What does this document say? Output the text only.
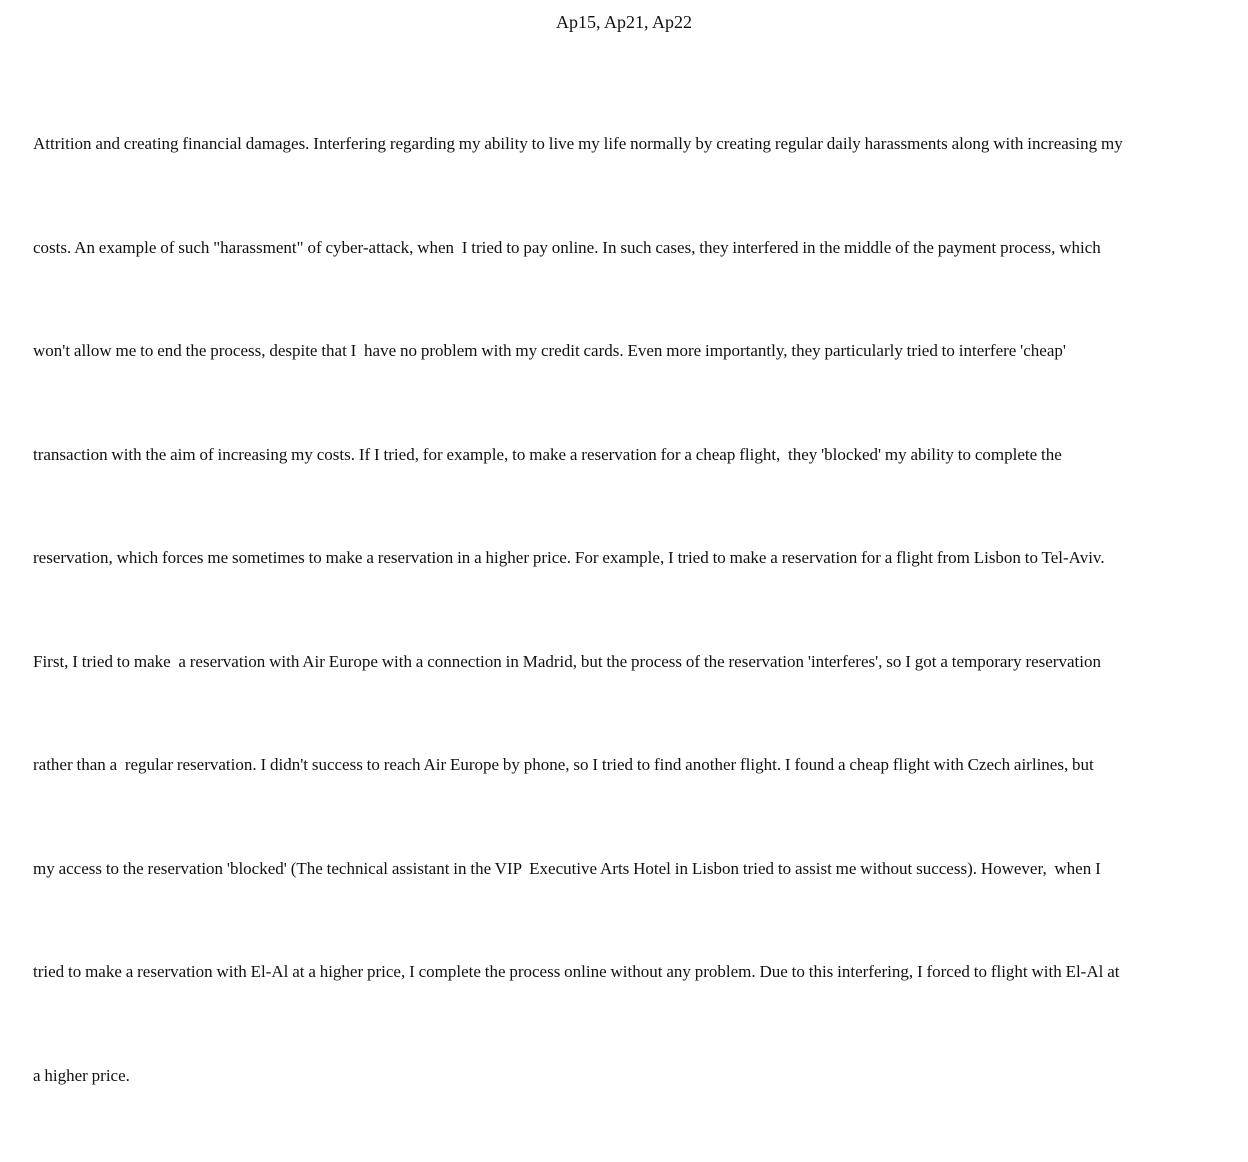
Ap15, Ap21, Ap22

Attrition and creating financial damages. Interfering regarding my ability to live my life normally by creating regular daily harassments along with increasing my

costs. An example of such "harassment" of cyber-attack, when  I tried to pay online. In such cases, they interfered in the middle of the payment process, which

won't allow me to end the process, despite that I  have no problem with my credit cards. Even more importantly, they particularly tried to interfere 'cheap'

transaction with the aim of increasing my costs. If I tried, for example, to make a reservation for a cheap flight,  they 'blocked' my ability to complete the

reservation, which forces me sometimes to make a reservation in a higher price. For example, I tried to make a reservation for a flight from Lisbon to Tel-Aviv.

First, I tried to make  a reservation with Air Europe with a connection in Madrid, but the process of the reservation 'interferes', so I got a temporary reservation

rather than a  regular reservation. I didn't success to reach Air Europe by phone, so I tried to find another flight. I found a cheap flight with Czech airlines, but

my access to the reservation 'blocked' (The technical assistant in the VIP  Executive Arts Hotel in Lisbon tried to assist me without success). However,  when I

tried to make a reservation with El-Al at a higher price, I complete the process online without any problem. Due to this interfering, I forced to flight with El-Al at

a higher price.
